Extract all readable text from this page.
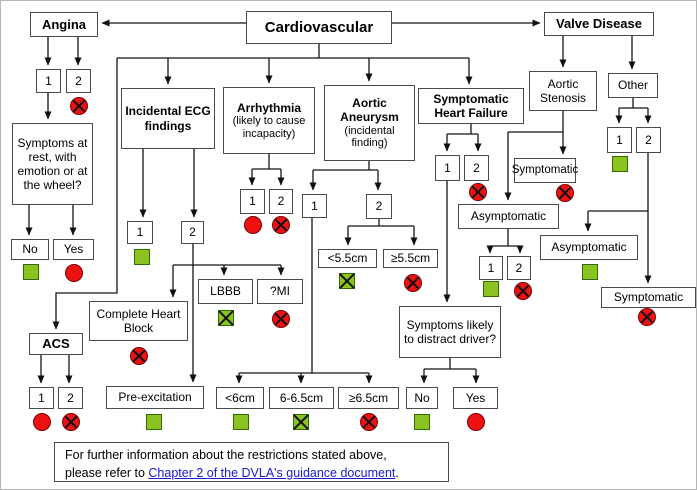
Angina	Cardiovascular	Valve Disease
Incidental ECG findings
Arrhythmia
(likely to cause incapacity)
Aortic Aneurysm
(incidental finding)
Symptomatic Heart Failure
Aortic Stenosis
Other
1	2
Symptoms at rest, with emotion or at the wheel?
No	Yes
ACS
1	2
1	2
Complete Heart Block
LBBB	?MI
Pre-excitation
1	2	1	2
<5.5cm	≥5.5cm
<6cm	6-6.5cm	≥6.5cm
1	2
Symptoms likely to distract driver?
No	Yes
Symptomatic
Asymptomatic
1	2
1	2
Asymptomatic
Symptomatic
For further information about the restrictions stated above,
please refer to Chapter 2 of the DVLA's guidance document.
